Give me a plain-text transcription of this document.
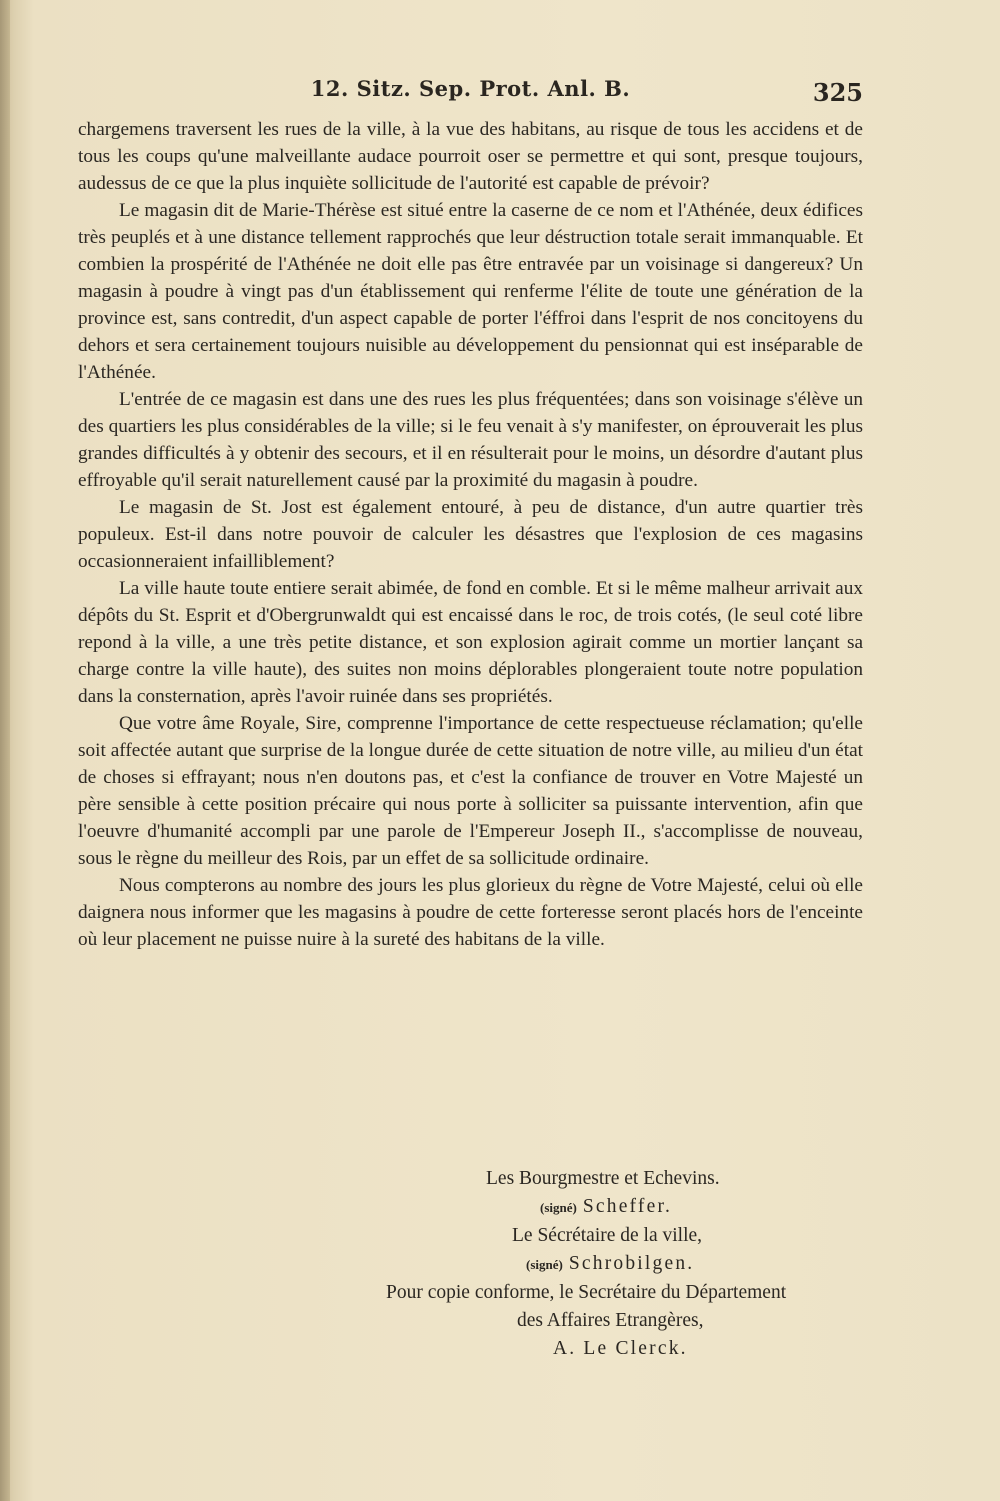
12. Sitz. Sep. Prot. Anl. B.	325

chargemens traversent les rues de la ville, à la vue des habitans, au risque de tous les accidens et de tous les coups qu'une malveillante audace pourroit oser se permettre et qui sont, presque toujours, audessus de ce que la plus inquiète sollicitude de l'autorité est capable de prévoir?

Le magasin dit de Marie-Thérèse est situé entre la caserne de ce nom et l'Athénée, deux édifices très peuplés et à une distance tellement rapprochés que leur déstruction totale serait immanquable. Et combien la prospérité de l'Athénée ne doit elle pas être entravée par un voisinage si dangereux? Un magasin à poudre à vingt pas d'un établissement qui renferme l'élite de toute une génération de la province est, sans contredit, d'un aspect capable de porter l'éffroi dans l'esprit de nos concitoyens du dehors et sera certainement toujours nuisible au développement du pensionnat qui est inséparable de l'Athénée.

L'entrée de ce magasin est dans une des rues les plus fréquentées; dans son voisinage s'élève un des quartiers les plus considérables de la ville; si le feu venait à s'y manifester, on éprouverait les plus grandes difficultés à y obtenir des secours, et il en résulterait pour le moins, un désordre d'autant plus effroyable qu'il serait naturellement causé par la proximité du magasin à poudre.

Le magasin de St. Jost est également entouré, à peu de distance, d'un autre quartier très populeux. Est-il dans notre pouvoir de calculer les désastres que l'explosion de ces magasins occasionneraient infailliblement?

La ville haute toute entiere serait abimée, de fond en comble. Et si le même malheur arrivait aux dépôts du St. Esprit et d'Obergrunwaldt qui est encaissé dans le roc, de trois cotés, (le seul coté libre repond à la ville, a une très petite distance, et son explosion agirait comme un mortier lançant sa charge contre la ville haute), des suites non moins déplorables plongeraient toute notre population dans la consternation, après l'avoir ruinée dans ses propriétés.

Que votre âme Royale, Sire, comprenne l'importance de cette respectueuse réclamation; qu'elle soit affectée autant que surprise de la longue durée de cette situation de notre ville, au milieu d'un état de choses si effrayant; nous n'en doutons pas, et c'est la confiance de trouver en Votre Majesté un père sensible à cette position précaire qui nous porte à solliciter sa puissante intervention, afin que l'oeuvre d'humanité accompli par une parole de l'Empereur Joseph II., s'accomplisse de nouveau, sous le règne du meilleur des Rois, par un effet de sa sollicitude ordinaire.

Nous compterons au nombre des jours les plus glorieux du règne de Votre Majesté, celui où elle daignera nous informer que les magasins à poudre de cette forteresse seront placés hors de l'enceinte où leur placement ne puisse nuire à la sureté des habitans de la ville.

Les Bourgmestre et Echevins.
(signé) Scheffer.
Le Sécrétaire de la ville,
(signé) Schrobilgen.
Pour copie conforme, le Secrétaire du Département
des Affaires Etrangères,
A. Le Clerck.
